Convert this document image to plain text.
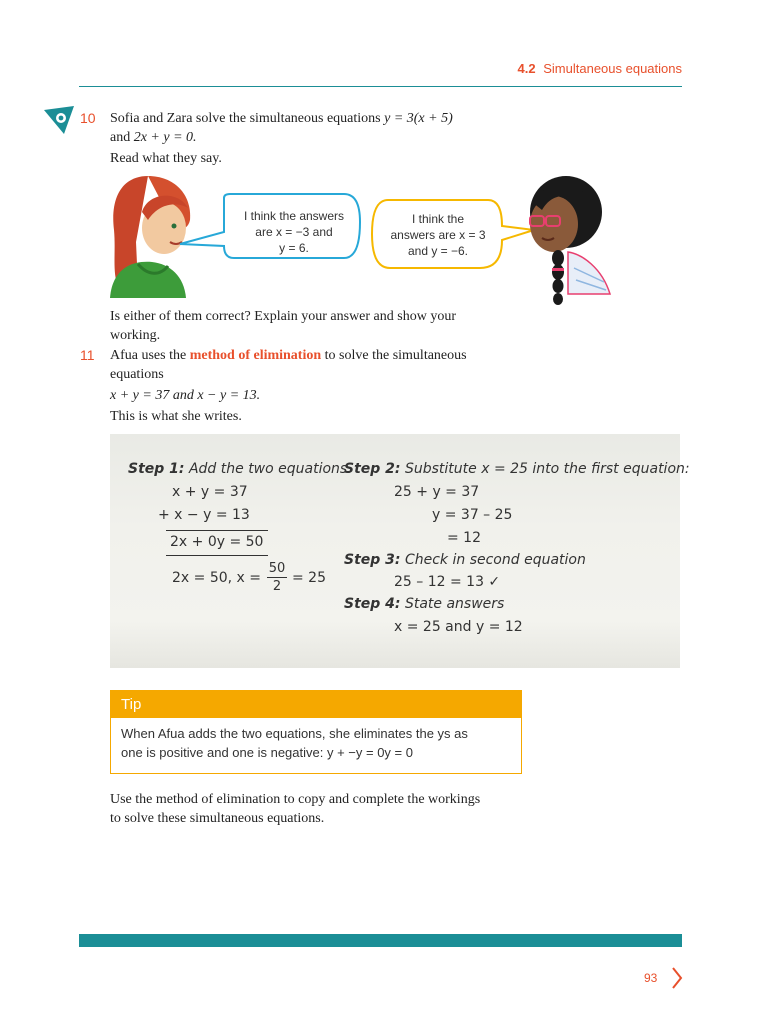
4.2 Simultaneous equations
10 Sofia and Zara solve the simultaneous equations y = 3(x + 5)
and 2x + y = 0.
Read what they say.
I think the answers
are x = −3 and
y = 6.
I think the
answers are x = 3
and y = −6.
Is either of them correct? Explain your answer and show your
working.
11 Afua uses the method of elimination to solve the simultaneous
equations
x + y = 37 and x − y = 13.
This is what she writes.
Step 1: Add the two equations.
x + y = 37
+ x − y = 13
2x + 0y = 50
2x = 50, x =
50
2
= 25
Step 2: Substitute x = 25 into the first equation:
25 + y = 37
y = 37 – 25
= 12
Step 3: Check in second equation
25 – 12 = 13 ✓
Step 4: State answers
x = 25 and y = 12
Tip
When Afua adds the two equations, she eliminates the ys as
one is positive and one is negative: y + −y = 0y = 0
Use the method of elimination to copy and complete the workings
to solve these simultaneous equations.
93
